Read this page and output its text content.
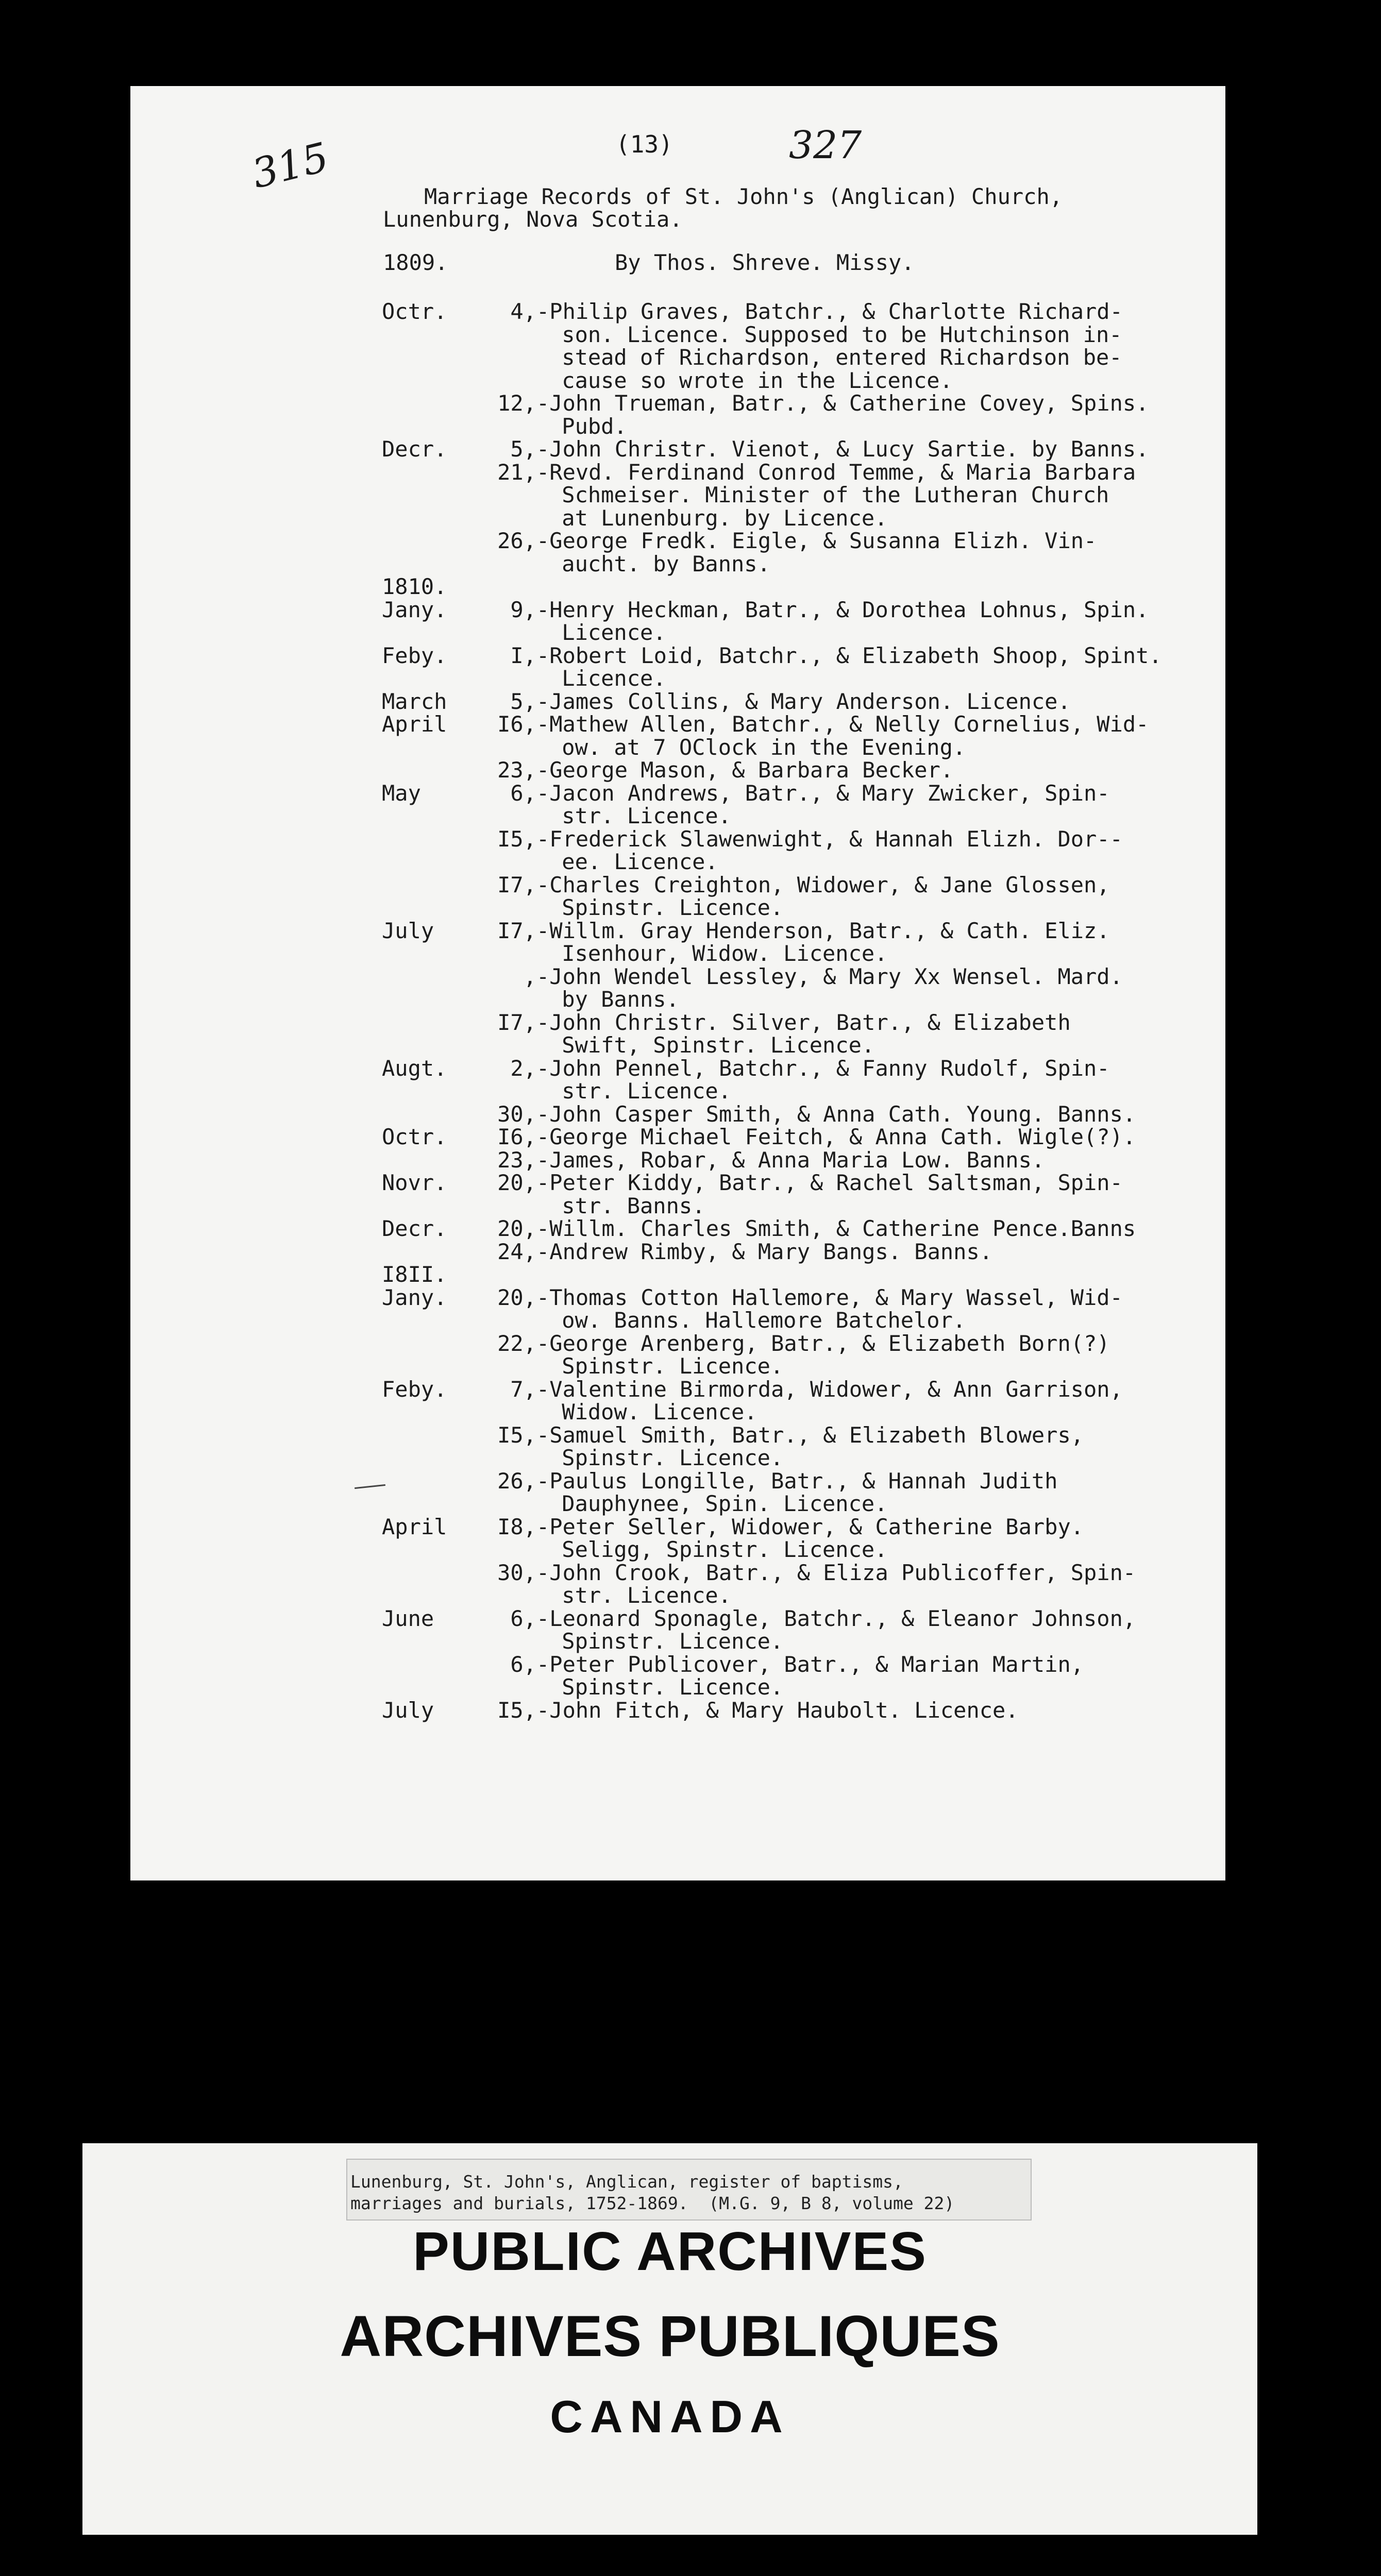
315	(13)	327
Marriage Records of St. John's (Anglican) Church,
Lunenburg, Nova Scotia.
1809.	By Thos. Shreve. Missy.
Octr.	4, -Philip Graves, Batchr., & Charlotte Richard-
son. Licence. Supposed to be Hutchinson in-
stead of Richardson, entered Richardson be-
cause so wrote in the Licence.
12, -John Trueman, Batr., & Catherine Covey, Spins.
Pubd.
Decr.	5, -John Christr. Vienot, & Lucy Sartie. by Banns.
21, -Revd. Ferdinand Conrod Temme, & Maria Barbara
Schmeiser. Minister of the Lutheran Church
at Lunenburg. by Licence.
26, -George Fredk. Eigle, & Susanna Elizh. Vin-
aucht. by Banns.
1810.
Jany.	9, -Henry Heckman, Batr., & Dorothea Lohnus, Spin.
Licence.
Feby.	I, -Robert Loid, Batchr., & Elizabeth Shoop, Spint.
Licence.
March	5, -James Collins, & Mary Anderson. Licence.
April I6, -Mathew Allen, Batchr., & Nelly Cornelius, Wid-
ow. at 7 OClock in the Evening.
23, -George Mason, & Barbara Becker.
May	6, -Jacon Andrews, Batr., & Mary Zwicker, Spin-
str. Licence.
I5, -Frederick Slawenwight, & Hannah Elizh. Dor--
ee. Licence.
I7, -Charles Creighton, Widower, & Jane Glossen,
Spinstr. Licence.
July	I7, -Willm. Gray Henderson, Batr., & Cath. Eliz.
Isenhour, Widow. Licence.
, -John Wendel Lessley, & Mary Xx Wensel. Mard.
by Banns.
I7, -John Christr. Silver, Batr., & Elizabeth
Swift, Spinstr. Licence.
Augt.	2, -John Pennel, Batchr., & Fanny Rudolf, Spin-
str. Licence.
30, -John Casper Smith, & Anna Cath. Young. Banns.
Octr. I6, -George Michael Feitch, & Anna Cath. Wigle(?).
23, -James, Robar, & Anna Maria Low. Banns.
Novr. 20, -Peter Kiddy, Batr., & Rachel Saltsman, Spin-
str. Banns.
Decr. 20, -Willm. Charles Smith, & Catherine Pence.Banns
24, -Andrew Rimby, & Mary Bangs. Banns.
I8II.
Jany. 20, -Thomas Cotton Hallemore, & Mary Wassel, Wid-
ow. Banns. Hallemore Batchelor.
22, -George Arenberg, Batr., & Elizabeth Born(?)
Spinstr. Licence.
Feby.	7, -Valentine Birmorda, Widower, & Ann Garrison,
Widow. Licence.
I5, -Samuel Smith, Batr., & Elizabeth Blowers,
Spinstr. Licence.
26, -Paulus Longille, Batr., & Hannah Judith
Dauphynee, Spin. Licence.
April I8, -Peter Seller, Widower, & Catherine Barby.
Seligg, Spinstr. Licence.
30, -John Crook, Batr., & Eliza Publicoffer, Spin-
str. Licence.
June	6, -Leonard Sponagle, Batchr., & Eleanor Johnson,
Spinstr. Licence.
6, -Peter Publicover, Batr., & Marian Martin,
Spinstr. Licence.
July	I5, -John Fitch, & Mary Haubolt. Licence.
Lunenburg, St. John's, Anglican, register of baptisms,
marriages and burials, 1752-1869.  (M.G. 9, B 8, volume 22)
PUBLIC ARCHIVES
ARCHIVES PUBLIQUES
CANADA
